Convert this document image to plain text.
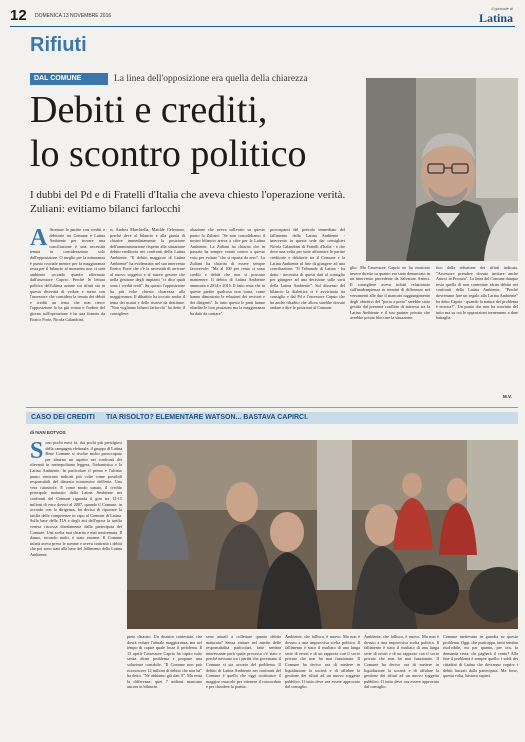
12 DOMENICA 13 NOVEMBRE 2016
Il giornale di
Latina
Rifiuti
DAL COMUNE	La linea dell'opposizione era quella della chiarezza
Debiti e crediti,
lo scontro politico
I dubbi del Pd e di Fratelli d'Italia che aveva chiesto l'operazione verità. Zuliani: evitiamo bilanci farlocchi
A ffrontare le partite con crediti e debitorie tra Comune e Latina Ambiente per trovare una conciliazione è una necessità tenuta in considerazione solo dall'opposizione. O meglio per la minoranza è punto cruciale mentre per la maggioranza resta per il bilancio al momento non ci sarà ambiente secondo quanto affermato dall'assessore Caprio. Perché la lettura politica dell'ultima azione sui rifiuti sta in questa diversità di vedute e meno con l'assessore che considera la tenuta dei debiti e crediti un tema che non riesce l'opposizione lo ha già votato e l'ordine del giorno sull'operazione è ha una firmato da Enrico Forte, Nicola Calandrini,
ri, Andrea Marchiella, Matilde Celentano, perché deve al bilancio e alla giunta di chiarire immediatamente la posizione dell'amministrazione rispetto alla situazione debito-creditoria nei confronti della Latina Ambiente. "Il debito maggiore di Latina Ambiente" ha evidenziato nel suo intervento Enrico Forte che c'è la necessità di arrivare al nuovo soggetto e al nuovo gestore che nella gestione degli impianti "ci dica quali sono i crediti reali". Su questo l'opposizione ha più volte chiesto chiarezza alla maggioranza. Il dibattito ha toccato anche il tema dei mutui e delle risorse da destinare. "Non vogliamo bilanci farlocchi" ha detto il consigliere.
obazione che aveva sollevato su questo punto la Zuliani: "Se non consolidiamo il nostro bilancio arriva a cifre per la Latina Ambiente. La Zuliani ha chiarito che in passato ha sempre votato contro a questo voto per evitare "che si riparta da zero". La Zuliani ha chiarito di essere sempre favorevole: "Ma al 100 per cento ci sono crediti e debiti che non si possono mantenere. Il debito di Latina Ambiente ammonta a 2014 e 2015. Il fatto resta che in queste partite qualcosa non torna, come hanno dimostrato le relazioni dei revisori e dei dirigenti". In tutto questo le parti hanno ribadito le loro posizioni ma la maggioranza ha dato da contare".
proccupanti del periodo immediato del fallimento della Latina Ambiente - intervento in questa sede dai consiglieri Nicola Calandrini di Fratelli d'Italia - e che deve una volta per tutte affrontare le partite creditorie e debitorie tra il Comune e la Latina Ambiente al fine di giungere ad una conciliazione. "Il Tribunale di Latina - ha detto - necessita di questi dati al consiglio per giungere ad una decisione sulle sorti della Latina Ambiente". Sul dissenso del bilancio la dialettica si è avvicinata tra consiglio e dal Pd e l'assessore Caprio che ha anche ribadito che allora sarebbe dovuto andare a dire le posizioni al Comune.
glio. Ma l'assessore Caprio ne ha mostrato invece diretto su quanto era stato denunciato in un intervento precedente da Salvatore Antoci. Il consigliere aveva infatti relazionato sull'inadempienza in termini di differenze nei versamenti alle due il mancato raggiungimento degli obiettivi del "porta a porta" sarebbe stato gestito dal presente conflitto di interessi tra la Latina Ambiente e il suo partner privato che avrebbe potuto bloccare la situazione.
fico dalla riduzione dei rifiuti indicata. "Assessore prendere dovuto invitare anche Antoci in Procura". La linea del Comune dunque resta quella di non contestare alcun debito nei confronti della Latina Ambiente. "Perché dovremmo fare un regalo alla Latina Ambiente" ha detto Caprio - quando la natura del problema è tecnica?". Un punto che non ha convinto del tutto ma su cui le opposizioni torneranno a dare battaglia.
M.V.
CASO DEI CREDITI TIA RISOLTO? ELEMENTARE WATSON... BASTAVA CAPIRCI.
di IVAN EOTVOS
S ono pochi mesi fa, dai pochi più prestigiosi della campagna elettorale, il gruppo di Latina Bene Comune si rivolse molto preoccupato per almeno un aspetto nei confronti dei rilevanti in metropolitana leggera, l'urbanistica e la Latina Ambiente. In particolare il primo e l'ultimo punto venivano indicati più volte come possibili responsabili del dissesto economico dell'ente. Una vera catastrofe. E come modo sanato, il credito principale maturato dalla Latina Ambiente nei confronti del Comune riguarda il giro tra 12-15 milioni di euro dovuti al 2007, quando il Comune, in accordo con la dirigenza, ha deciso di riportare la tariffa delle competenze in capo al Comune di Latina. Sulla base della TIA e degli atti dell'epoca la tariffa veniva riscossa direttamente dalla partecipata del Comune. Una scelta mai chiarita e mai trasformata. Il danno, secondo molti, è stato enorme. Il Comune infatti aveva preso le somme e aveva contratto i debiti che poi sono stati alla base del fallimento della Latina Ambiente.
pieto disastro. Un disastro contestato, che dovrà evitare l'attuale maggioranza, ma nel tempo di capire quale fosse il problema. Il 15 aprile l'assessore Caprio ha capito tutto senza alcun problema e propone una soluzione contabile. "Il Comune non può riconoscere 12 milioni di debito che non ha" ha detto. "Ne abbiamo già dati 5". Ma resta la differenza: quei 7 milioni mancano ancora in bilancio.
seno attuali a collettare quanto debito maturato? Senza entrare nel merito delle responsabilità particolari, fatte sembra interessante però quale processo c'è stato e perché nessuno tra i partiti che governano il Comune si sia accorto del problema. Il debito di Latina Ambiente nei confronti del Comune è quello che oggi costituisce il maggior ostacolo per ottenere il concordato e per chiudere la partita.
Ambiente, che fallisca, è nuovo. Ma non è dovuto a una improvvisa scelta politica. Il fallimento è stato il risultato di una lunga serie di errori e di un rapporto con il socio privato che non ha mai funzionato. Il Comune ha deciso ora di mettere in liquidazione la società e di affidare la gestione dei rifiuti ad un nuovo soggetto pubblico. Il tutto deve ora essere approvato dal consiglio.
Ambiente, che fallisca, è nuovo. Ma non è dovuto a una improvvisa scelta politica. Il fallimento è stato il risultato di una lunga serie di errori e di un rapporto con il socio privato che non ha mai funzionato. Il Comune ha deciso ora di mettere in liquidazione la società e di affidare la gestione dei rifiuti ad un nuovo soggetto pubblico. Il tutto deve ora essere approvato dal consiglio.
Comune mettevano in guardia su questo problema. Oggi, che purtroppo, tutto sembra risolvibile, mi par quanto, per ora, la domanda resta: chi pagherà il conto? Alla fine il problema è sempre quello: i soldi dei cittadini di Latina che dovranno coprire i debiti lasciati dalla partecipata. Ma forse, questa volta, bastava capirci.
